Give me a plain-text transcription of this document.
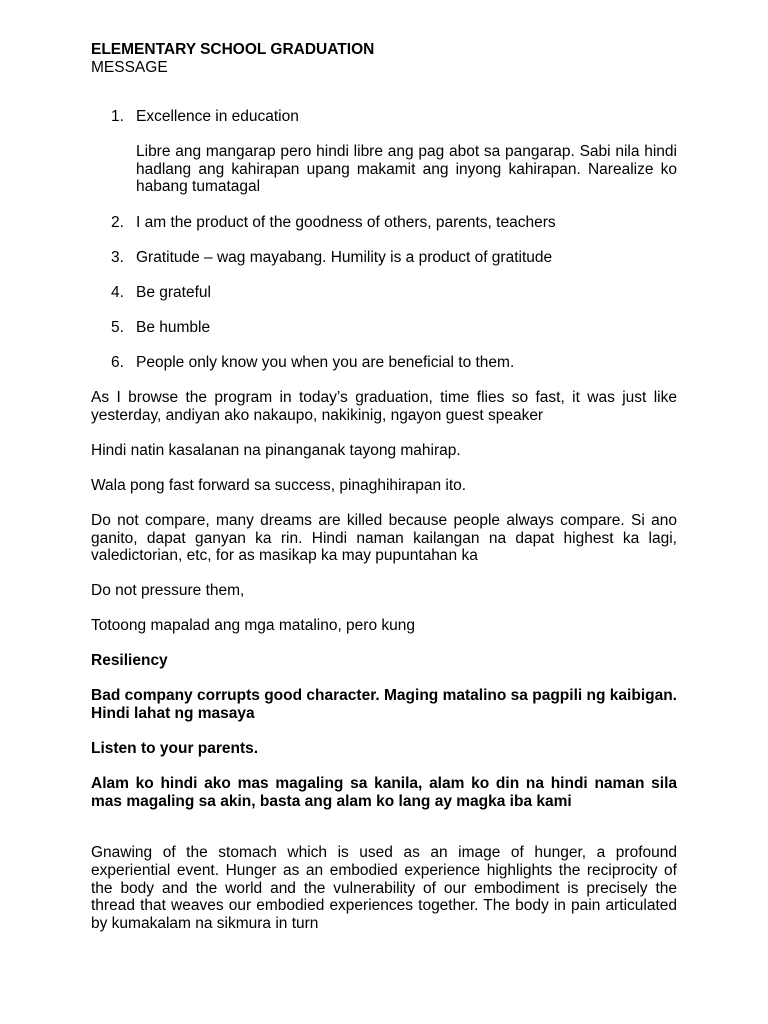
ELEMENTARY SCHOOL GRADUATION
MESSAGE
1. Excellence in education
Libre ang mangarap pero hindi libre ang pag abot sa pangarap. Sabi nila hindi hadlang ang kahirapan upang makamit ang inyong kahirapan. Narealize ko habang tumatagal
2. I am the product of the goodness of others, parents, teachers
3. Gratitude – wag mayabang. Humility is a product of gratitude
4. Be grateful
5. Be humble
6. People only know you when you are beneficial to them.

As I browse the program in today’s graduation, time flies so fast, it was just like yesterday, andiyan ako nakaupo, nakikinig, ngayon guest speaker

Hindi natin kasalanan na pinanganak tayong mahirap.

Wala pong fast forward sa success, pinaghihirapan ito.

Do not compare, many dreams are killed because people always compare. Si ano ganito, dapat ganyan ka rin. Hindi naman kailangan na dapat highest ka lagi, valedictorian, etc, for as masikap ka may pupuntahan ka

Do not pressure them,

Totoong mapalad ang mga matalino, pero kung

Resiliency

Bad company corrupts good character. Maging matalino sa pagpili ng kaibigan. Hindi lahat ng masaya

Listen to your parents.

Alam ko hindi ako mas magaling sa kanila, alam ko din na hindi naman sila mas magaling sa akin, basta ang alam ko lang ay magka iba kami

Gnawing of the stomach which is used as an image of hunger, a profound experiential event. Hunger as an embodied experience highlights the reciprocity of the body and the world and the vulnerability of our embodiment is precisely the thread that weaves our embodied experiences together. The body in pain articulated by kumakalam na sikmura in turn
